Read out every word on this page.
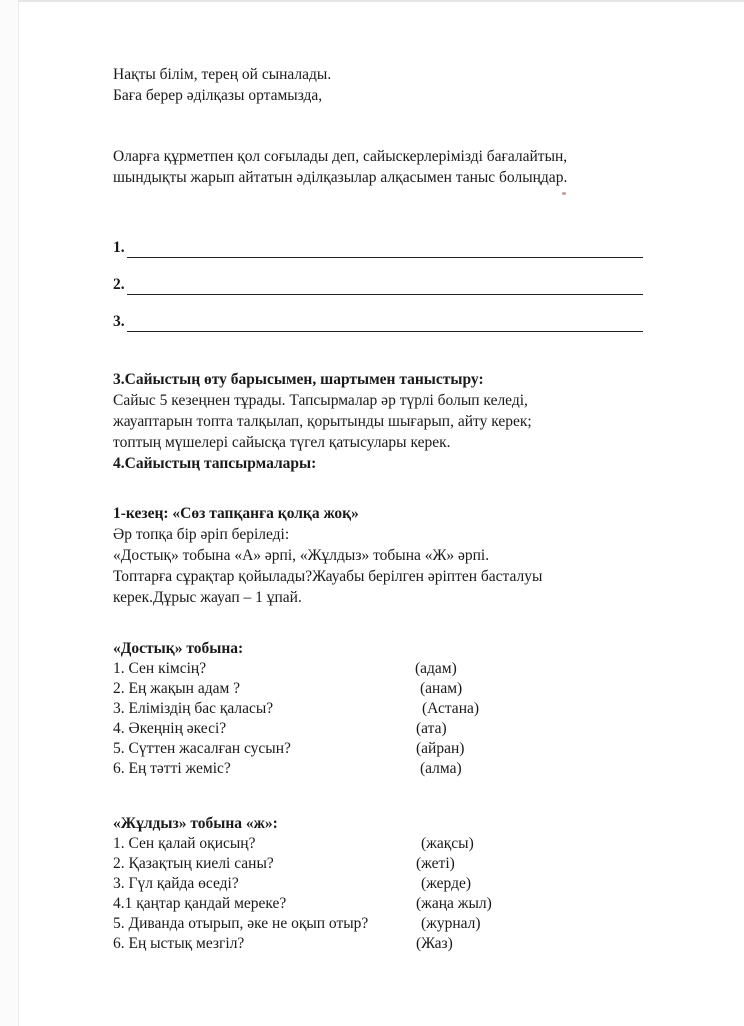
Нақты білім, терең ой сыналады.
Баға берер әділқазы ортамызда,
Оларға құрметпен қол соғылады деп, сайыскерлерімізді бағалайтын,
шындықты жарып айтатын әділқазылар алқасымен таныс болыңдар.
1.
2.
3.
3.Сайыстың өту барысымен, шартымен таныстыру:
Сайыс 5 кезеңнен тұрады. Тапсырмалар әр түрлі болып келеді,
жауаптарын топта талқылап, қорытынды шығарып, айту керек;
топтың мүшелері сайысқа түгел қатысулары керек.
4.Сайыстың тапсырмалары:
1-кезең: «Сөз тапқанға қолқа жоқ»
Әр топқа бір әріп беріледі:
«Достық» тобына «А» әрпі, «Жұлдыз» тобына «Ж» әрпі.
Топтарға сұрақтар қойылады?Жауабы берілген әріптен басталуы
керек.Дұрыс жауап – 1 ұпай.
«Достық» тобына:
1. Сен кімсің?	(адам)
2. Ең жақын адам ?	(анам)
3. Еліміздің бас қаласы?	(Астана)
4. Әкеңнің әкесі?	(ата)
5. Сүттен жасалған сусын?	(айран)
6. Ең тәтті жеміс?	(алма)
«Жұлдыз» тобына «ж»:
1. Сен қалай оқисың?	(жақсы)
2. Қазақтың киелі саны?	(жеті)
3. Гүл қайда өседі?	(жерде)
4.1 қаңтар қандай мереке?	(жаңа жыл)
5. Диванда отырып, әке не оқып отыр?	(журнал)
6. Ең ыстық мезгіл?	(Жаз)
